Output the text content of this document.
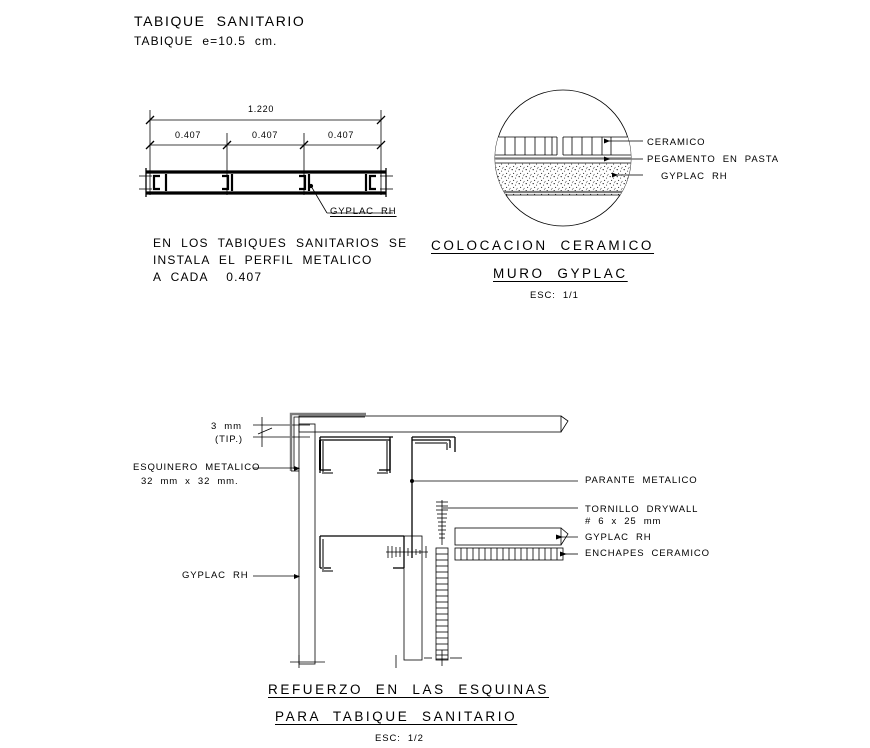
TABIQUE  SANITARIO
TABIQUE  e=10.5  cm.
1.220
0.407	0.407	0.407
GYPLAC  RH
EN  LOS  TABIQUES  SANITARIOS  SE
INSTALA  EL  PERFIL  METALICO
A  CADA    0.407
CERAMICO
PEGAMENTO  EN  PASTA
GYPLAC  RH
COLOCACION  CERAMICO
MURO  GYPLAC
ESC:  1/1
3  mm
(TIP.)
ESQUINERO  METALICO
32  mm  x  32  mm.
GYPLAC  RH
PARANTE  METALICO
TORNILLO  DRYWALL
#  6  x  25  mm
GYPLAC  RH
ENCHAPES  CERAMICO
REFUERZO  EN  LAS  ESQUINAS
PARA  TABIQUE  SANITARIO
ESC:  1/2
